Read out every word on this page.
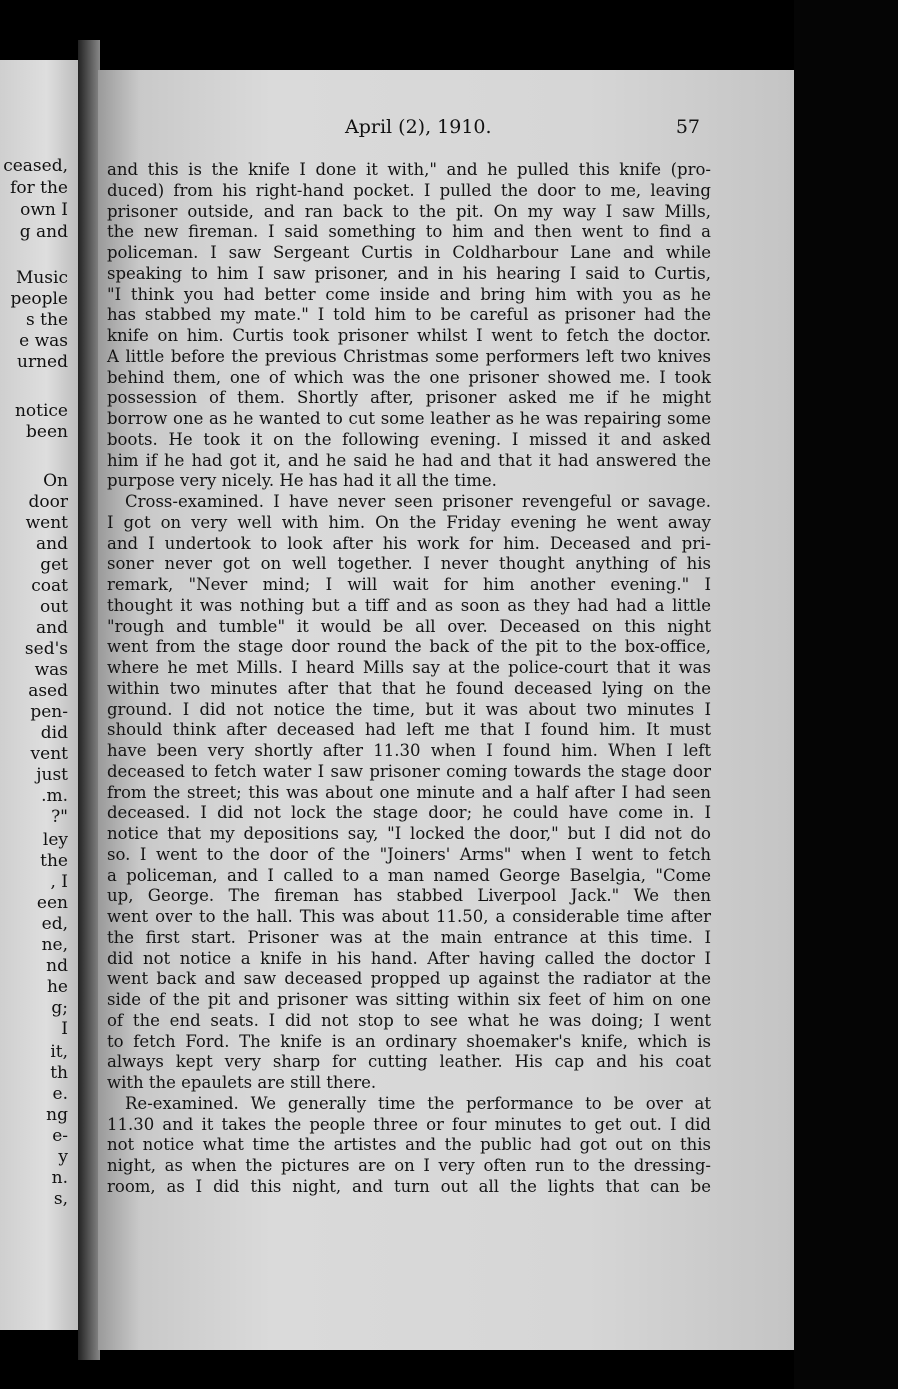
ceased,
for the
own I
g and
Music
people
s the
e was
urned
notice
been
On
door
went
and
get
coat
out
and
sed's
was
ased
pen-
did
vent
just
.m.
?"
ley
the
, I
een
ed,
ne,
nd
he
g;
I
it,
th
e.
ng
e-
y
n.
s,
April (2), 1910.	57
and this is the knife I done it with," and he pulled this knife (pro-
duced) from his right-hand pocket. I pulled the door to me, leaving
prisoner outside, and ran back to the pit. On my way I saw Mills,
the new fireman. I said something to him and then went to find a
policeman. I saw Sergeant Curtis in Coldharbour Lane and while
speaking to him I saw prisoner, and in his hearing I said to Curtis,
"I think you had better come inside and bring him with you as he
has stabbed my mate." I told him to be careful as prisoner had the
knife on him. Curtis took prisoner whilst I went to fetch the doctor.
A little before the previous Christmas some performers left two knives
behind them, one of which was the one prisoner showed me. I took
possession of them. Shortly after, prisoner asked me if he might
borrow one as he wanted to cut some leather as he was repairing some
boots. He took it on the following evening. I missed it and asked
him if he had got it, and he said he had and that it had answered the
purpose very nicely. He has had it all the time.
Cross-examined. I have never seen prisoner revengeful or savage.
I got on very well with him. On the Friday evening he went away
and I undertook to look after his work for him. Deceased and pri-
soner never got on well together. I never thought anything of his
remark, "Never mind; I will wait for him another evening." I
thought it was nothing but a tiff and as soon as they had had a little
"rough and tumble" it would be all over. Deceased on this night
went from the stage door round the back of the pit to the box-office,
where he met Mills. I heard Mills say at the police-court that it was
within two minutes after that that he found deceased lying on the
ground. I did not notice the time, but it was about two minutes I
should think after deceased had left me that I found him. It must
have been very shortly after 11.30 when I found him. When I left
deceased to fetch water I saw prisoner coming towards the stage door
from the street; this was about one minute and a half after I had seen
deceased. I did not lock the stage door; he could have come in. I
notice that my depositions say, "I locked the door," but I did not do
so. I went to the door of the "Joiners' Arms" when I went to fetch
a policeman, and I called to a man named George Baselgia, "Come
up, George. The fireman has stabbed Liverpool Jack." We then
went over to the hall. This was about 11.50, a considerable time after
the first start. Prisoner was at the main entrance at this time. I
did not notice a knife in his hand. After having called the doctor I
went back and saw deceased propped up against the radiator at the
side of the pit and prisoner was sitting within six feet of him on one
of the end seats. I did not stop to see what he was doing; I went
to fetch Ford. The knife is an ordinary shoemaker's knife, which is
always kept very sharp for cutting leather. His cap and his coat
with the epaulets are still there.
Re-examined. We generally time the performance to be over at
11.30 and it takes the people three or four minutes to get out. I did
not notice what time the artistes and the public had got out on this
night, as when the pictures are on I very often run to the dressing-
room, as I did this night, and turn out all the lights that can be
